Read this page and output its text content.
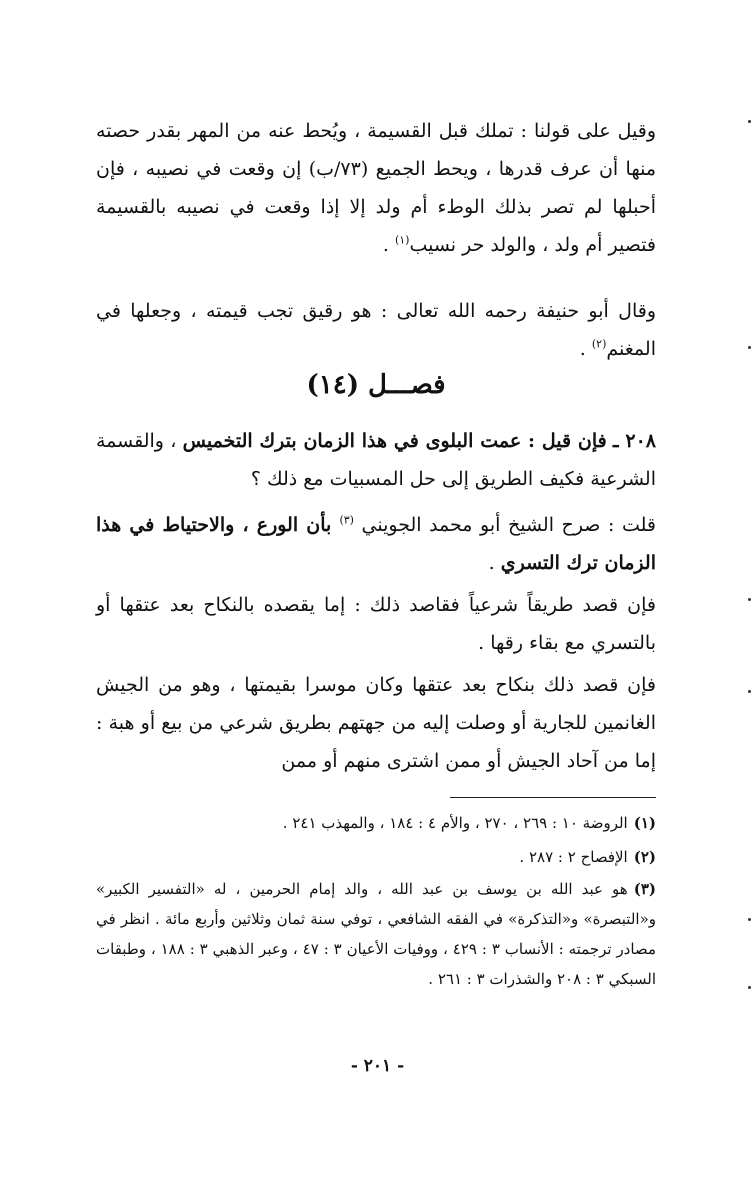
وقيل على قولنا : تملك قبل القسيمة ، ويُحط عنه من المهر بقدر حصته منها أن عرف قدرها ، ويحط الجميع (٧٣/ب) إن وقعت في نصيبه ، فإن أحبلها لم تصر بذلك الوطء أم ولد إلا إذا وقعت في نصيبه بالقسيمة فتصير أم ولد ، والولد حر نسيب$^{(١)}$ .

وقال أبو حنيفة رحمه الله تعالى : هو رقيق تجب قيمته ، وجعلها في المغنم$^{(٢)}$ .

فصـــل (١٤)

٢٠٨ ـ فإن قيل : عمت البلوى في هذا الزمان بترك التخميس ، والقسمة الشرعية فكيف الطريق إلى حل المسبيات مع ذلك ؟

قلت : صرح الشيخ أبو محمد الجويني $^{(٣)}$ بأن الورع ، والاحتياط في هذا الزمان ترك التسري .

فإن قصد طريقاً شرعياً فقاصد ذلك : إما يقصده بالنكاح بعد عتقها أو بالتسري مع بقاء رقها .

فإن قصد ذلك بنكاح بعد عتقها وكان موسرا بقيمتها ، وهو من الجيش الغانمين للجارية أو وصلت إليه من جهتهم بطريق شرعي من بيع أو هبة : إما من آحاد الجيش أو ممن اشترى منهم أو ممن

(١)الروضة ١٠ : ٢٦٩ ، ٢٧٠ ، والأم ٤ : ١٨٤ ، والمهذب ٢٤١ .
(٢)الإفصاح ٢ : ٢٨٧ .
(٣)هو عبد الله بن يوسف بن عبد الله ، والد إمام الحرمين ، له «التفسير الكبير» و«التبصرة» و«التذكرة» في الفقه الشافعي ، توفي سنة ثمان وثلاثين وأربع مائة . انظر في مصادر ترجمته : الأنساب ٣ : ٤٢٩ ، ووفيات الأعيان ٣ : ٤٧ ، وعبر الذهبي ٣ : ١٨٨ ، وطبقات السبكي ٣ : ٢٠٨ والشذرات ٣ : ٢٦١ .
- ٢٠١ -
